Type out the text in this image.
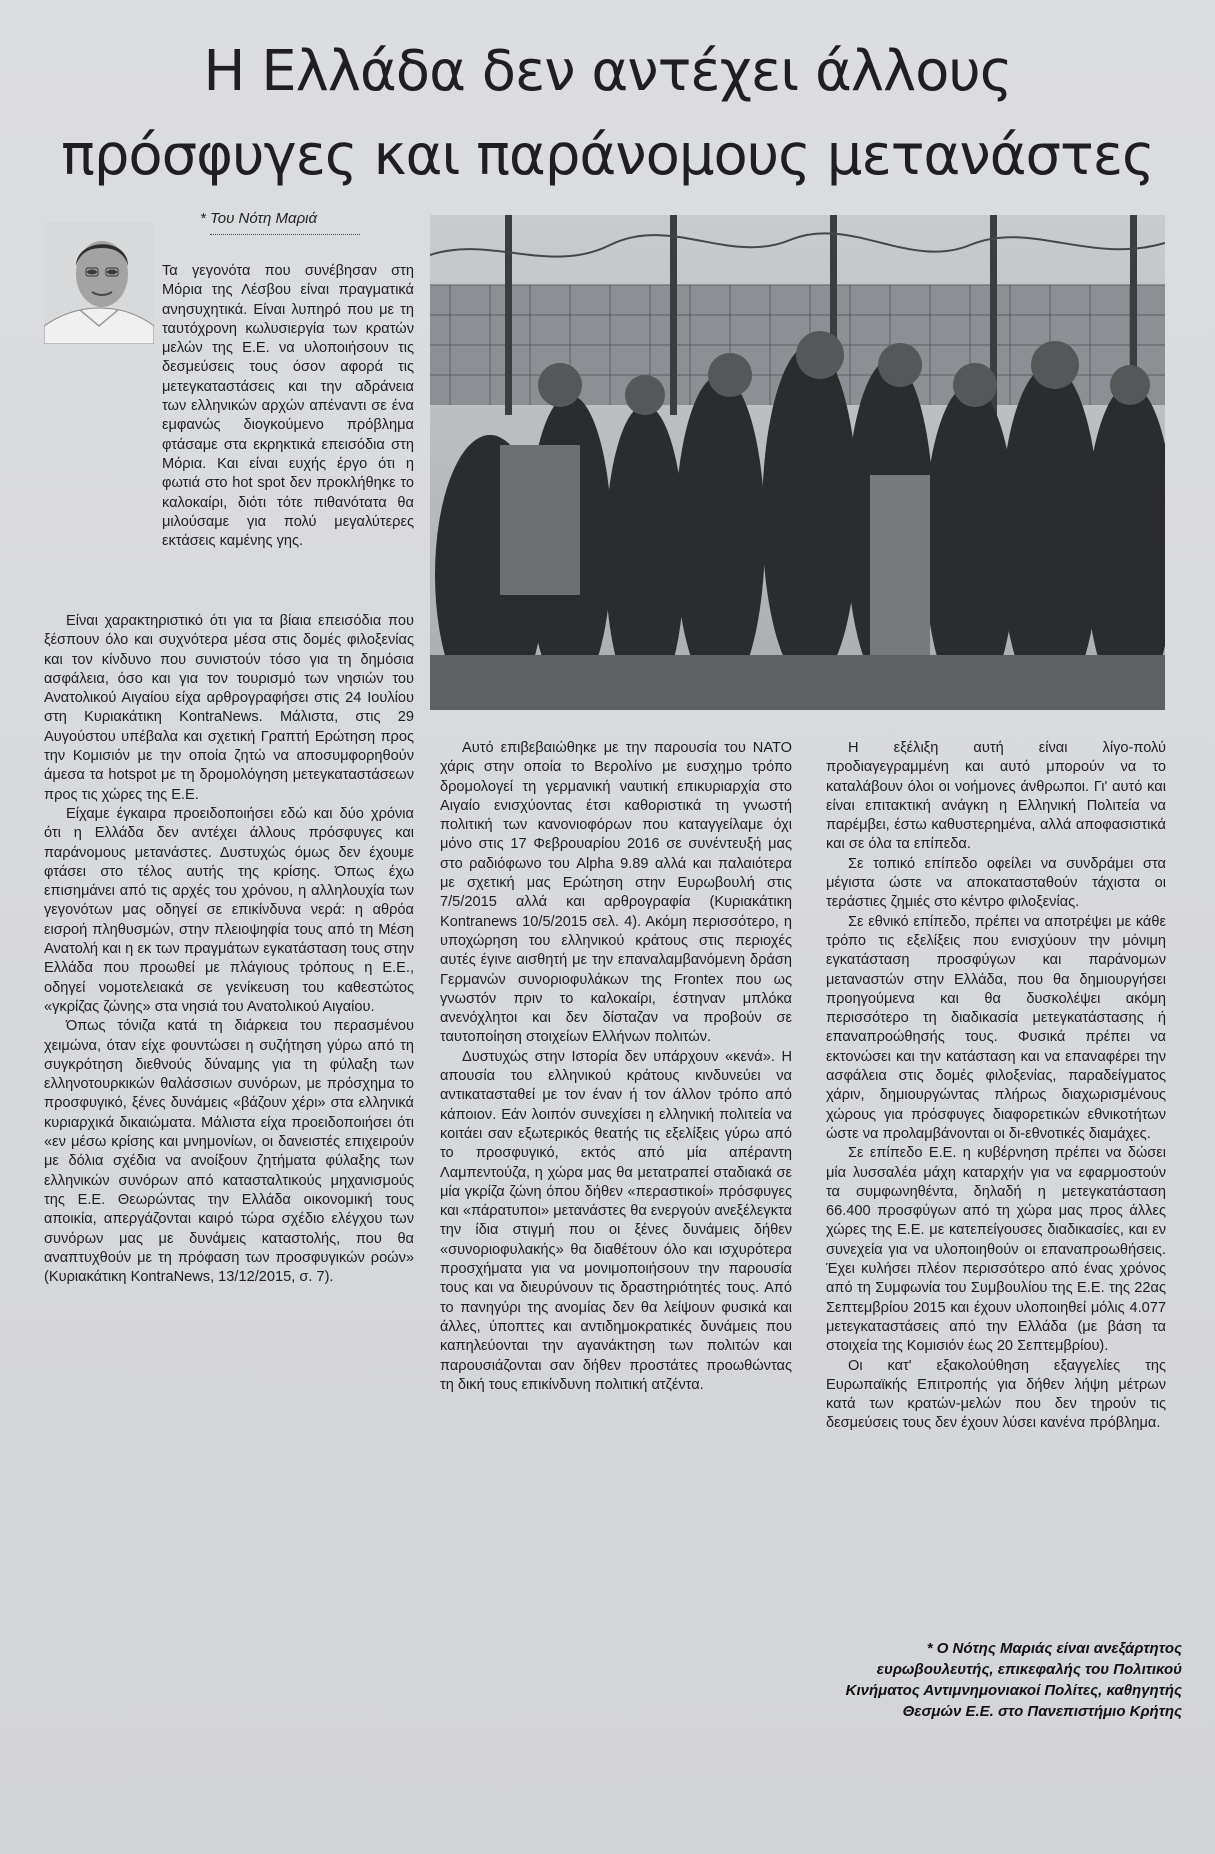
Η Ελλάδα δεν αντέχει άλλους
πρόσφυγες και παράνομους μετανάστες
* Του Νότη Μαριά

Τα γεγονότα που συνέβησαν στη Μόρια της Λέσβου είναι πραγματικά ανησυχητικά. Είναι λυπηρό που με τη ταυτόχρονη κωλυσιεργία των κρατών μελών της Ε.Ε. να υλοποιήσουν τις δεσμεύσεις τους όσον αφορά τις μετεγκαταστάσεις και την αδράνεια των ελληνικών αρχών απέναντι σε ένα εμφανώς διογκούμενο πρόβλημα φτάσαμε στα εκρηκτικά επεισόδια στη Μόρια. Και είναι ευχής έργο ότι η φωτιά στο hot spot δεν προκλήθηκε το καλοκαίρι, διότι τότε πιθανότατα θα μιλούσαμε για πολύ μεγαλύτερες εκτάσεις καμένης γης.

Είναι χαρακτηριστικό ότι για τα βίαια επεισόδια που ξέσπουν όλο και συχνότερα μέσα στις δομές φιλοξενίας και τον κίνδυνο που συνιστούν τόσο για τη δημόσια ασφάλεια, όσο και για τον τουρισμό των νησιών του Ανατολικού Αιγαίου είχα αρθρογραφήσει στις 24 Ιουλίου στη Κυριακάτικη KontraNews. Μάλιστα, στις 29 Αυγούστου υπέβαλα και σχετική Γραπτή Ερώτηση προς την Κομισιόν με την οποία ζητώ να αποσυμφορηθούν άμεσα τα hotspot με τη δρομολόγηση μετεγκαταστάσεων προς τις χώρες της Ε.Ε.

Είχαμε έγκαιρα προειδοποιήσει εδώ και δύο χρόνια ότι η Ελλάδα δεν αντέχει άλλους πρόσφυγες και παράνομους μετανάστες. Δυστυχώς όμως δεν έχουμε φτάσει στο τέλος αυτής της κρίσης. Όπως έχω επισημάνει από τις αρχές του χρόνου, η αλληλουχία των γεγονότων μας οδηγεί σε επικίνδυνα νερά: η αθρόα εισροή πληθυσμών, στην πλειοψηφία τους από τη Μέση Ανατολή και η εκ των πραγμάτων εγκατάσταση τους στην Ελλάδα που προωθεί με πλάγιους τρόπους η Ε.Ε., οδηγεί νομοτελειακά σε γενίκευση του καθεστώτος «γκρίζας ζώνης» στα νησιά του Ανατολικού Αιγαίου.

Όπως τόνιζα κατά τη διάρκεια του περασμένου χειμώνα, όταν είχε φουντώσει η συζήτηση γύρω από τη συγκρότηση διεθνούς δύναμης για τη φύλαξη των ελληνοτουρκικών θαλάσσιων συνόρων, με πρόσχημα το προσφυγικό, ξένες δυνάμεις «βάζουν χέρι» στα ελληνικά κυριαρχικά δικαιώματα. Μάλιστα είχα προειδοποιήσει ότι «εν μέσω κρίσης και μνημονίων, οι δανειστές επιχειρούν με δόλια σχέδια να ανοίξουν ζητήματα φύλαξης των ελληνικών συνόρων από κατασταλτικούς μηχανισμούς της Ε.Ε. Θεωρώντας την Ελλάδα οικονομική τους αποικία, απεργάζονται καιρό τώρα σχέδιο ελέγχου των συνόρων μας με δυνάμεις καταστολής, που θα αναπτυχθούν με τη πρόφαση των προσφυγικών ροών» (Κυριακάτικη KontraNews, 13/12/2015, σ. 7).

Αυτό επιβεβαιώθηκε με την παρουσία του ΝΑΤΟ χάρις στην οποία το Βερολίνο με ευσχημο τρόπο δρομολογεί τη γερμανική ναυτική επικυριαρχία στο Αιγαίο ενισχύοντας έτσι καθοριστικά τη γνωστή πολιτική των κανονιοφόρων που καταγγείλαμε όχι μόνο στις 17 Φεβρουαρίου 2016 σε συνέντευξή μας στο ραδιόφωνο του Alpha 9.89 αλλά και παλαιότερα με σχετική μας Ερώτηση στην Ευρωβουλή στις 7/5/2015 αλλά και αρθρογραφία (Κυριακάτικη Kontranews 10/5/2015 σελ. 4). Ακόμη περισσότερο, η υποχώρηση του ελληνικού κράτους στις περιοχές αυτές έγινε αισθητή με την επαναλαμβανόμενη δράση Γερμανών συνοριοφυλάκων της Frontex που ως γνωστόν πριν το καλοκαίρι, έστηναν μπλόκα ανενόχλητοι και δεν δίσταζαν να προβούν σε ταυτοποίηση στοιχείων Ελλήνων πολιτών.

Δυστυχώς στην Ιστορία δεν υπάρχουν «κενά». Η απουσία του ελληνικού κράτους κινδυνεύει να αντικατασταθεί με τον έναν ή τον άλλον τρόπο από κάποιον. Εάν λοιπόν συνεχίσει η ελληνική πολιτεία να κοιτάει σαν εξωτερικός θεατής τις εξελίξεις γύρω από το προσφυγικό, εκτός από μία απέραντη Λαμπεντούζα, η χώρα μας θα μετατραπεί σταδιακά σε μία γκρίζα ζώνη όπου δήθεν «περαστικοί» πρόσφυγες και «πάρατυποι» μετανάστες θα ενεργούν ανεξέλεγκτα την ίδια στιγμή που οι ξένες δυνάμεις δήθεν «συνοριοφυλακής» θα διαθέτουν όλο και ισχυρότερα προσχήματα για να μονιμοποιήσουν την παρουσία τους και να διευρύνουν τις δραστηριότητές τους. Από το πανηγύρι της ανομίας δεν θα λείψουν φυσικά και άλλες, ύποπτες και αντιδημοκρατικές δυνάμεις που καπηλεύονται την αγανάκτηση των πολιτών και παρουσιάζονται σαν δήθεν προστάτες προωθώντας τη δική τους επικίνδυνη πολιτική ατζέντα.

Η εξέλιξη αυτή είναι λίγο-πολύ προδιαγεγραμμένη και αυτό μπορούν να το καταλάβουν όλοι οι νοήμονες άνθρωποι. Γι' αυτό και είναι επιτακτική ανάγκη η Ελληνική Πολιτεία να παρέμβει, έστω καθυστερημένα, αλλά αποφασιστικά και σε όλα τα επίπεδα.

Σε τοπικό επίπεδο οφείλει να συνδράμει στα μέγιστα ώστε να αποκατασταθούν τάχιστα οι τεράστιες ζημιές στο κέντρο φιλοξενίας.

Σε εθνικό επίπεδο, πρέπει να αποτρέψει με κάθε τρόπο τις εξελίξεις που ενισχύουν την μόνιμη εγκατάσταση προσφύγων και παράνομων μεταναστών στην Ελλάδα, που θα δημιουργήσει προηγούμενα και θα δυσκολέψει ακόμη περισσότερο τη διαδικασία μετεγκατάστασης ή επαναπροώθησής τους. Φυσικά πρέπει να εκτονώσει και την κατάσταση και να επαναφέρει την ασφάλεια στις δομές φιλοξενίας, παραδείγματος χάριν, δημιουργώντας πλήρως διαχωρισμένους χώρους για πρόσφυγες διαφορετικών εθνικοτήτων ώστε να προλαμβάνονται οι δι-εθνοτικές διαμάχες.

Σε επίπεδο Ε.Ε. η κυβέρνηση πρέπει να δώσει μία λυσσαλέα μάχη καταρχήν για να εφαρμοστούν τα συμφωνηθέντα, δηλαδή η μετεγκατάσταση 66.400 προσφύγων από τη χώρα μας προς άλλες χώρες της Ε.Ε. με κατεπείγουσες διαδικασίες, και εν συνεχεία για να υλοποιηθούν οι επαναπροωθήσεις. Έχει κυλήσει πλέον περισσότερο από ένας χρόνος από τη Συμφωνία του Συμβουλίου της Ε.Ε. της 22ας Σεπτεμβρίου 2015 και έχουν υλοποιηθεί μόλις 4.077 μετεγκαταστάσεις από την Ελλάδα (με βάση τα στοιχεία της Κομισιόν έως 20 Σεπτεμβρίου).

Οι κατ' εξακολούθηση εξαγγελίες της Ευρωπαϊκής Επιτροπής για δήθεν λήψη μέτρων κατά των κρατών-μελών που δεν τηρούν τις δεσμεύσεις τους δεν έχουν λύσει κανένα πρόβλημα.

* Ο Νότης Μαριάς είναι ανεξάρτητος ευρωβουλευτής, επικεφαλής του Πολιτικού Κινήματος Αντιμνημονιακοί Πολίτες, καθηγητής Θεσμών Ε.Ε. στο Πανεπιστήμιο Κρήτης
